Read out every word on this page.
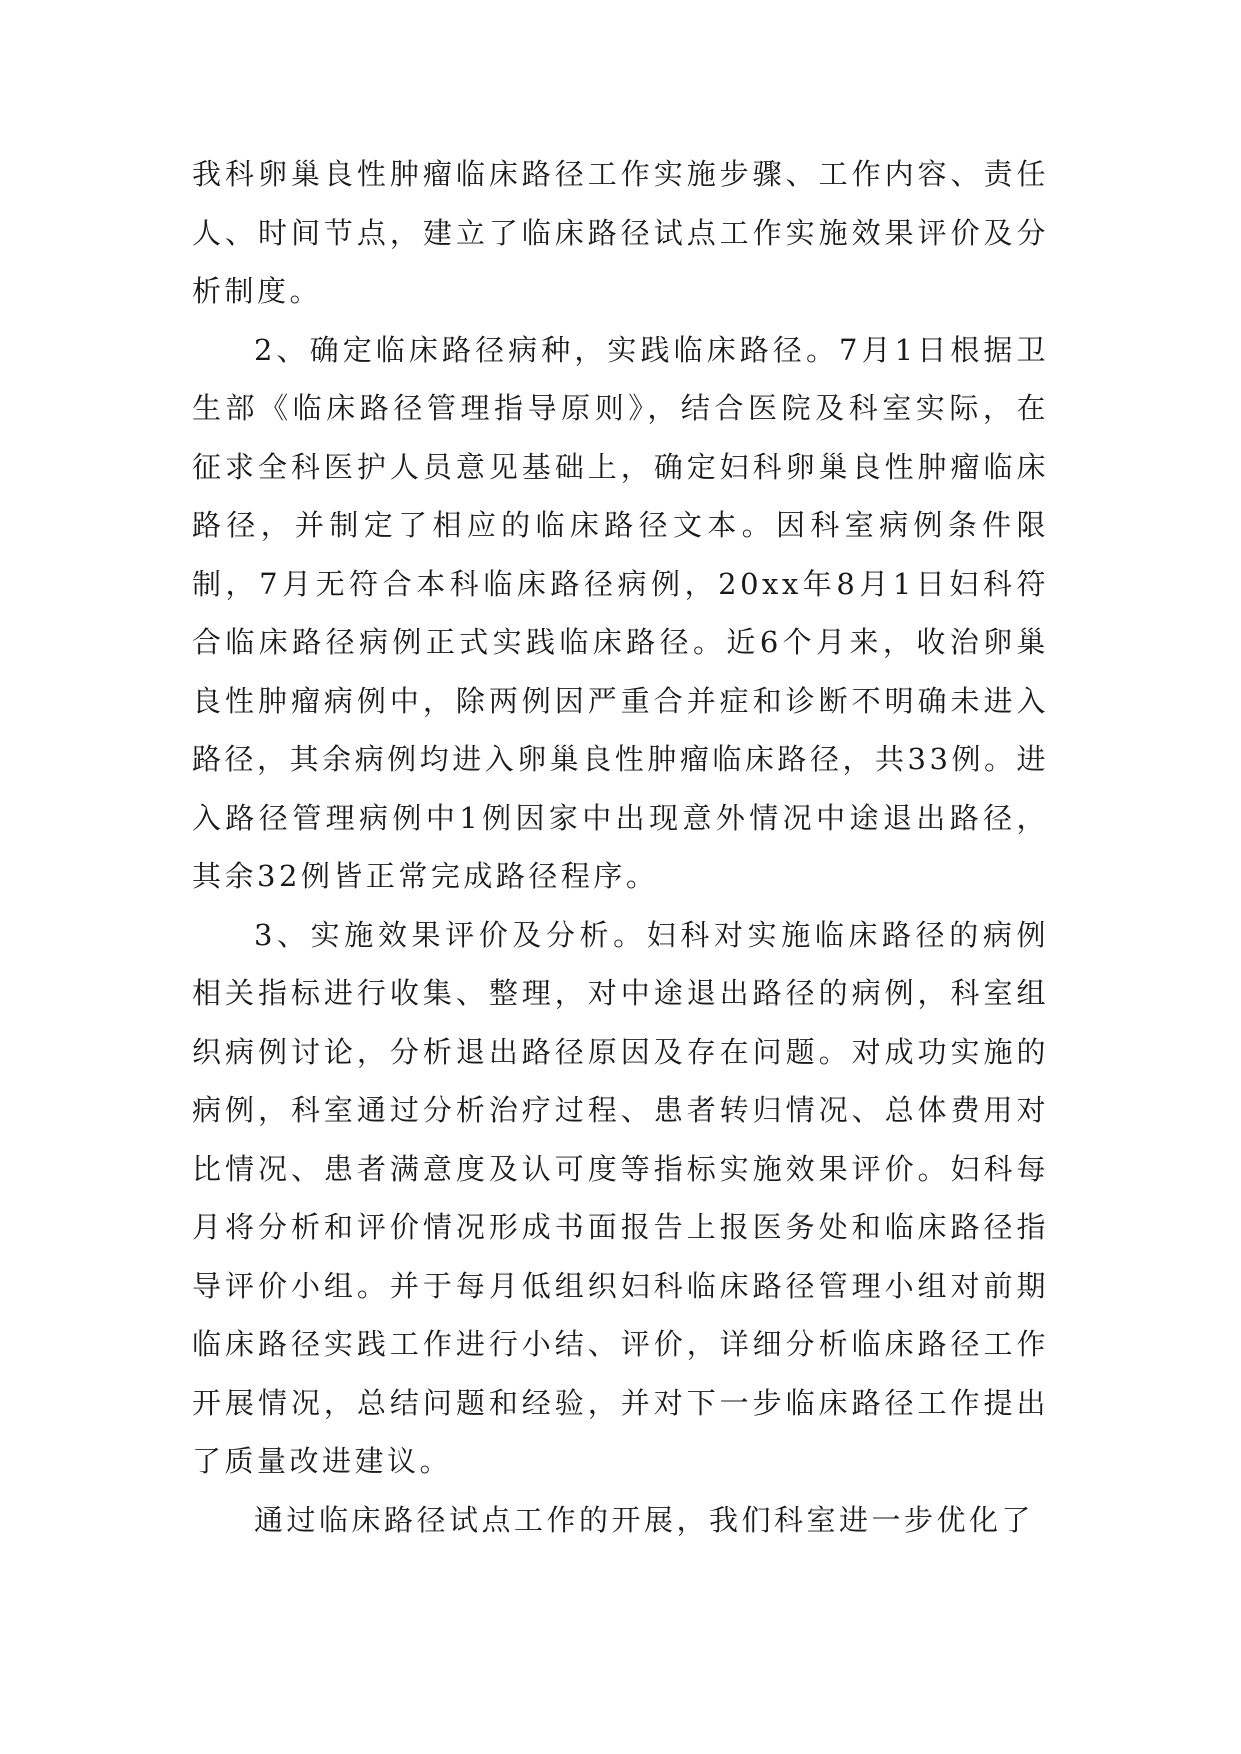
我科卵巢良性肿瘤临床路径工作实施步骤、工作内容、责任人、时间节点，建立了临床路径试点工作实施效果评价及分析制度。

2、确定临床路径病种，实践临床路径。7月1日根据卫生部《临床路径管理指导原则》，结合医院及科室实际，在征求全科医护人员意见基础上，确定妇科卵巢良性肿瘤临床路径，并制定了相应的临床路径文本。因科室病例条件限制，7月无符合本科临床路径病例，20xx年8月1日妇科符合临床路径病例正式实践临床路径。近6个月来，收治卵巢良性肿瘤病例中，除两例因严重合并症和诊断不明确未进入路径，其余病例均进入卵巢良性肿瘤临床路径，共33例。进入路径管理病例中1例因家中出现意外情况中途退出路径，其余32例皆正常完成路径程序。

3、实施效果评价及分析。妇科对实施临床路径的病例相关指标进行收集、整理，对中途退出路径的病例，科室组织病例讨论，分析退出路径原因及存在问题。对成功实施的病例，科室通过分析治疗过程、患者转归情况、总体费用对比情况、患者满意度及认可度等指标实施效果评价。妇科每月将分析和评价情况形成书面报告上报医务处和临床路径指导评价小组。并于每月低组织妇科临床路径管理小组对前期临床路径实践工作进行小结、评价，详细分析临床路径工作开展情况，总结问题和经验，并对下一步临床路径工作提出了质量改进建议。

通过临床路径试点工作的开展，我们科室进一步优化了
